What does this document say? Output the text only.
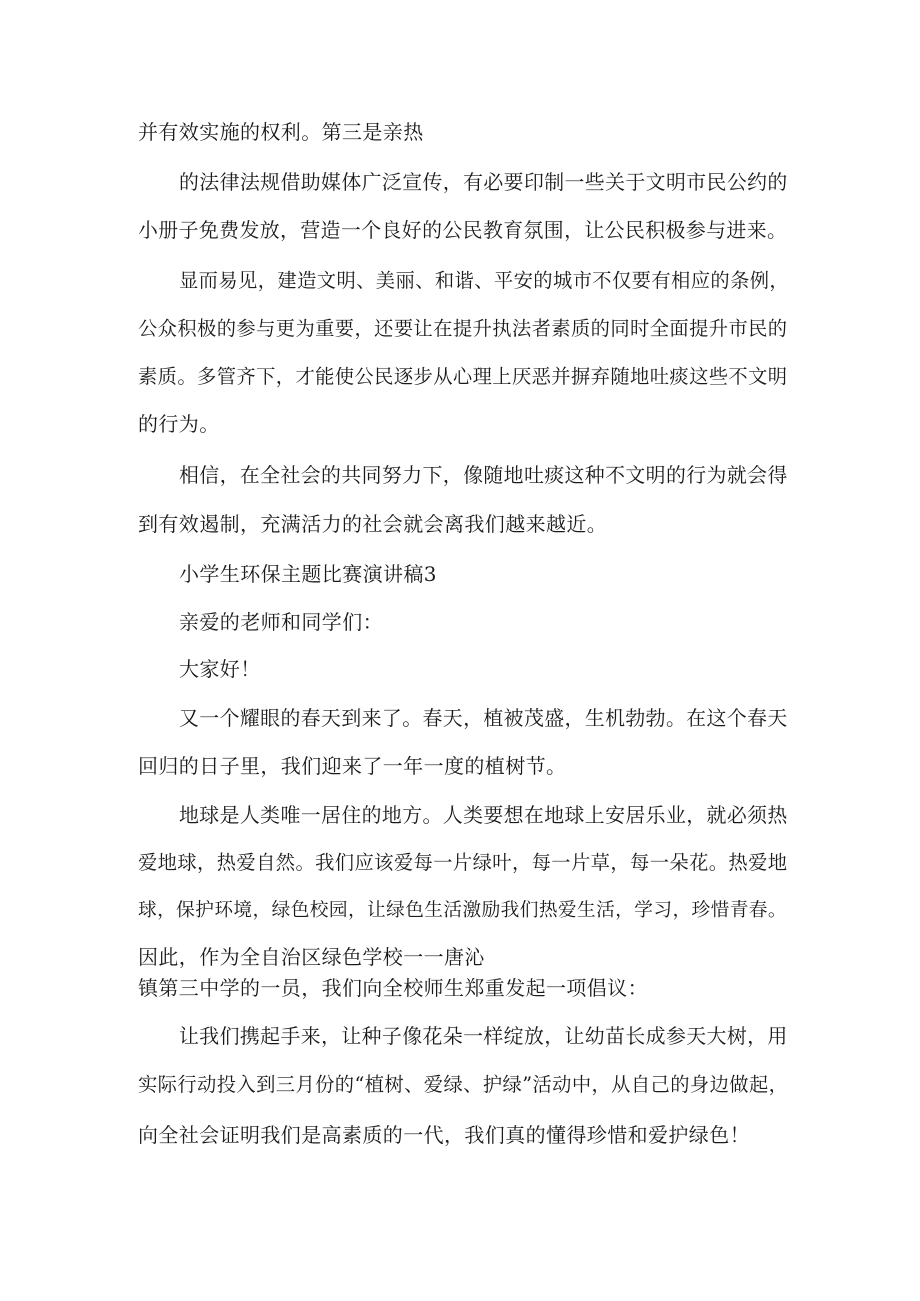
并有效实施的权利。第三是亲热
的法律法规借助媒体广泛宣传，有必要印制一些关于文明市民公约的
小册子免费发放，营造一个良好的公民教育氛围，让公民积极参与进来。
显而易见，建造文明、美丽、和谐、平安的城市不仅要有相应的条例，
公众积极的参与更为重要，还要让在提升执法者素质的同时全面提升市民的
素质。多管齐下，才能使公民逐步从心理上厌恶并摒弃随地吐痰这些不文明
的行为。
相信，在全社会的共同努力下，像随地吐痰这种不文明的行为就会得
到有效遏制，充满活力的社会就会离我们越来越近。
小学生环保主题比赛演讲稿3
亲爱的老师和同学们：
大家好！
又一个耀眼的春天到来了。春天，植被茂盛，生机勃勃。在这个春天
回归的日子里，我们迎来了一年一度的植树节。
地球是人类唯一居住的地方。人类要想在地球上安居乐业，就必须热
爱地球，热爱自然。我们应该爱每一片绿叶，每一片草，每一朵花。热爱地
球，保护环境，绿色校园，让绿色生活激励我们热爱生活，学习，珍惜青春。
因此，作为全自治区绿色学校一一唐沁
镇第三中学的一员，我们向全校师生郑重发起一项倡议：
让我们携起手来，让种子像花朵一样绽放，让幼苗长成参天大树，用
实际行动投入到三月份的“植树、爱绿、护绿”活动中，从自己的身边做起，
向全社会证明我们是高素质的一代，我们真的懂得珍惜和爱护绿色！
